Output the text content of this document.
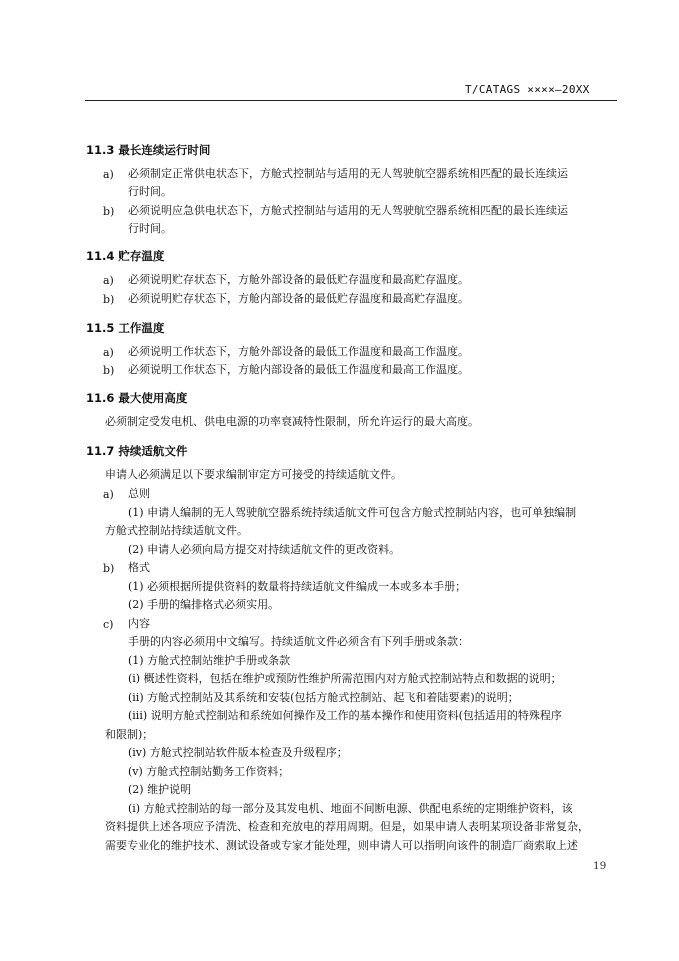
T/CATAGS ××××—20XX
11.3 最长连续运行时间
a) 必须制定正常供电状态下，方舱式控制站与适用的无人驾驶航空器系统相匹配的最长连续运
行时间。
b) 必须说明应急供电状态下，方舱式控制站与适用的无人驾驶航空器系统相匹配的最长连续运
行时间。
11.4 贮存温度
a) 必须说明贮存状态下，方舱外部设备的最低贮存温度和最高贮存温度。
b) 必须说明贮存状态下，方舱内部设备的最低贮存温度和最高贮存温度。
11.5 工作温度
a) 必须说明工作状态下，方舱外部设备的最低工作温度和最高工作温度。
b) 必须说明工作状态下，方舱内部设备的最低工作温度和最高工作温度。
11.6 最大使用高度
必须制定受发电机、供电电源的功率衰减特性限制，所允许运行的最大高度。
11.7 持续适航文件
申请人必须满足以下要求编制审定方可接受的持续适航文件。
a) 总则
(1) 申请人编制的无人驾驶航空器系统持续适航文件可包含方舱式控制站内容，也可单独编制
方舱式控制站持续适航文件。
(2) 申请人必须向局方提交对持续适航文件的更改资料。
b) 格式
(1) 必须根据所提供资料的数量将持续适航文件编成一本或多本手册；
(2) 手册的编排格式必须实用。
c) 内容
手册的内容必须用中文编写。持续适航文件必须含有下列手册或条款：
(1) 方舱式控制站维护手册或条款
(i) 概述性资料，包括在维护或预防性维护所需范围内对方舱式控制站特点和数据的说明；
(ii) 方舱式控制站及其系统和安装(包括方舱式控制站、起飞和着陆要素)的说明；
(iii) 说明方舱式控制站和系统如何操作及工作的基本操作和使用资料(包括适用的特殊程序
和限制)；
(iv) 方舱式控制站软件版本检查及升级程序；
(v) 方舱式控制站勤务工作资料；
(2) 维护说明
(i) 方舱式控制站的每一部分及其发电机、地面不间断电源、供配电系统的定期维护资料，该
资料提供上述各项应予清洗、检查和充放电的荐用周期。但是，如果申请人表明某项设备非常复杂，
需要专业化的维护技术、测试设备或专家才能处理，则申请人可以指明向该件的制造厂商索取上述
19
